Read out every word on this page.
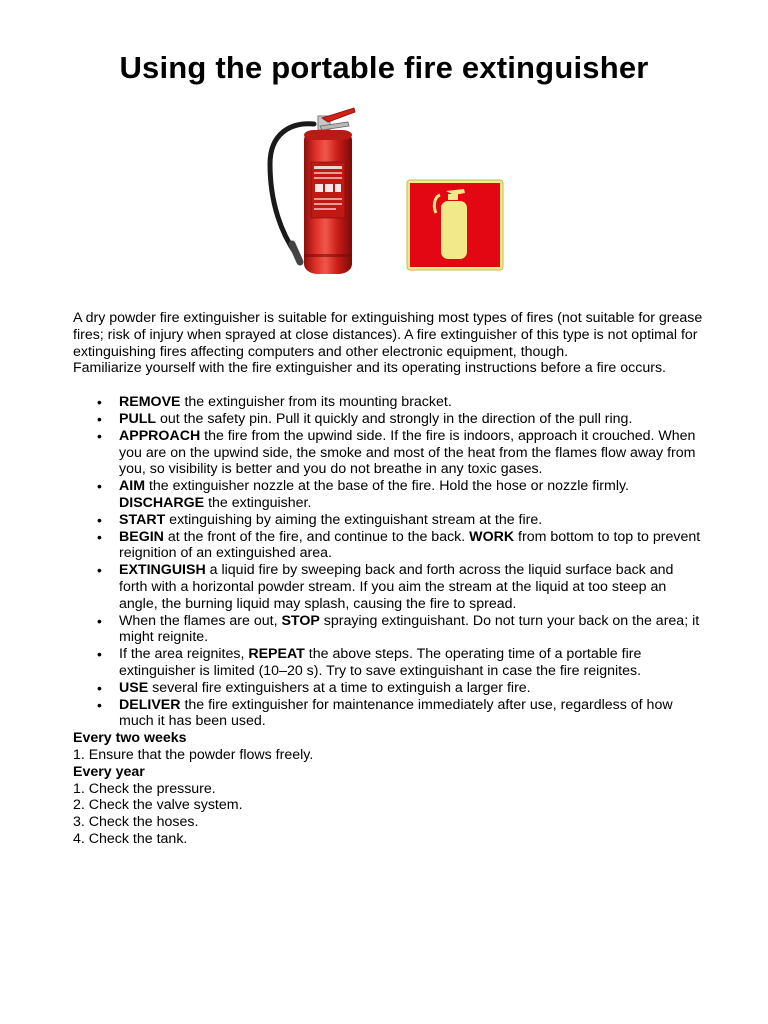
Using the portable fire extinguisher

A dry powder fire extinguisher is suitable for extinguishing most types of fires (not suitable for grease fires; risk of injury when sprayed at close distances). A fire extinguisher of this type is not optimal for extinguishing fires affecting computers and other electronic equipment, though.

Familiarize yourself with the fire extinguisher and its operating instructions before a fire occurs.

• REMOVE the extinguisher from its mounting bracket.
• PULL out the safety pin. Pull it quickly and strongly in the direction of the pull ring.
• APPROACH the fire from the upwind side. If the fire is indoors, approach it crouched. When you are on the upwind side, the smoke and most of the heat from the flames flow away from you, so visibility is better and you do not breathe in any toxic gases.
• AIM the extinguisher nozzle at the base of the fire. Hold the hose or nozzle firmly. DISCHARGE the extinguisher.
• START extinguishing by aiming the extinguishant stream at the fire.
• BEGIN at the front of the fire, and continue to the back. WORK from bottom to top to prevent reignition of an extinguished area.
• EXTINGUISH a liquid fire by sweeping back and forth across the liquid surface back and forth with a horizontal powder stream. If you aim the stream at the liquid at too steep an angle, the burning liquid may splash, causing the fire to spread.
• When the flames are out, STOP spraying extinguishant. Do not turn your back on the area; it might reignite.
• If the area reignites, REPEAT the above steps. The operating time of a portable fire extinguisher is limited (10–20 s). Try to save extinguishant in case the fire reignites.
• USE several fire extinguishers at a time to extinguish a larger fire.
• DELIVER the fire extinguisher for maintenance immediately after use, regardless of how much it has been used.

Every two weeks

1. Ensure that the powder flows freely.

Every year

1. Check the pressure.

2. Check the valve system.

3. Check the hoses.

4. Check the tank.
